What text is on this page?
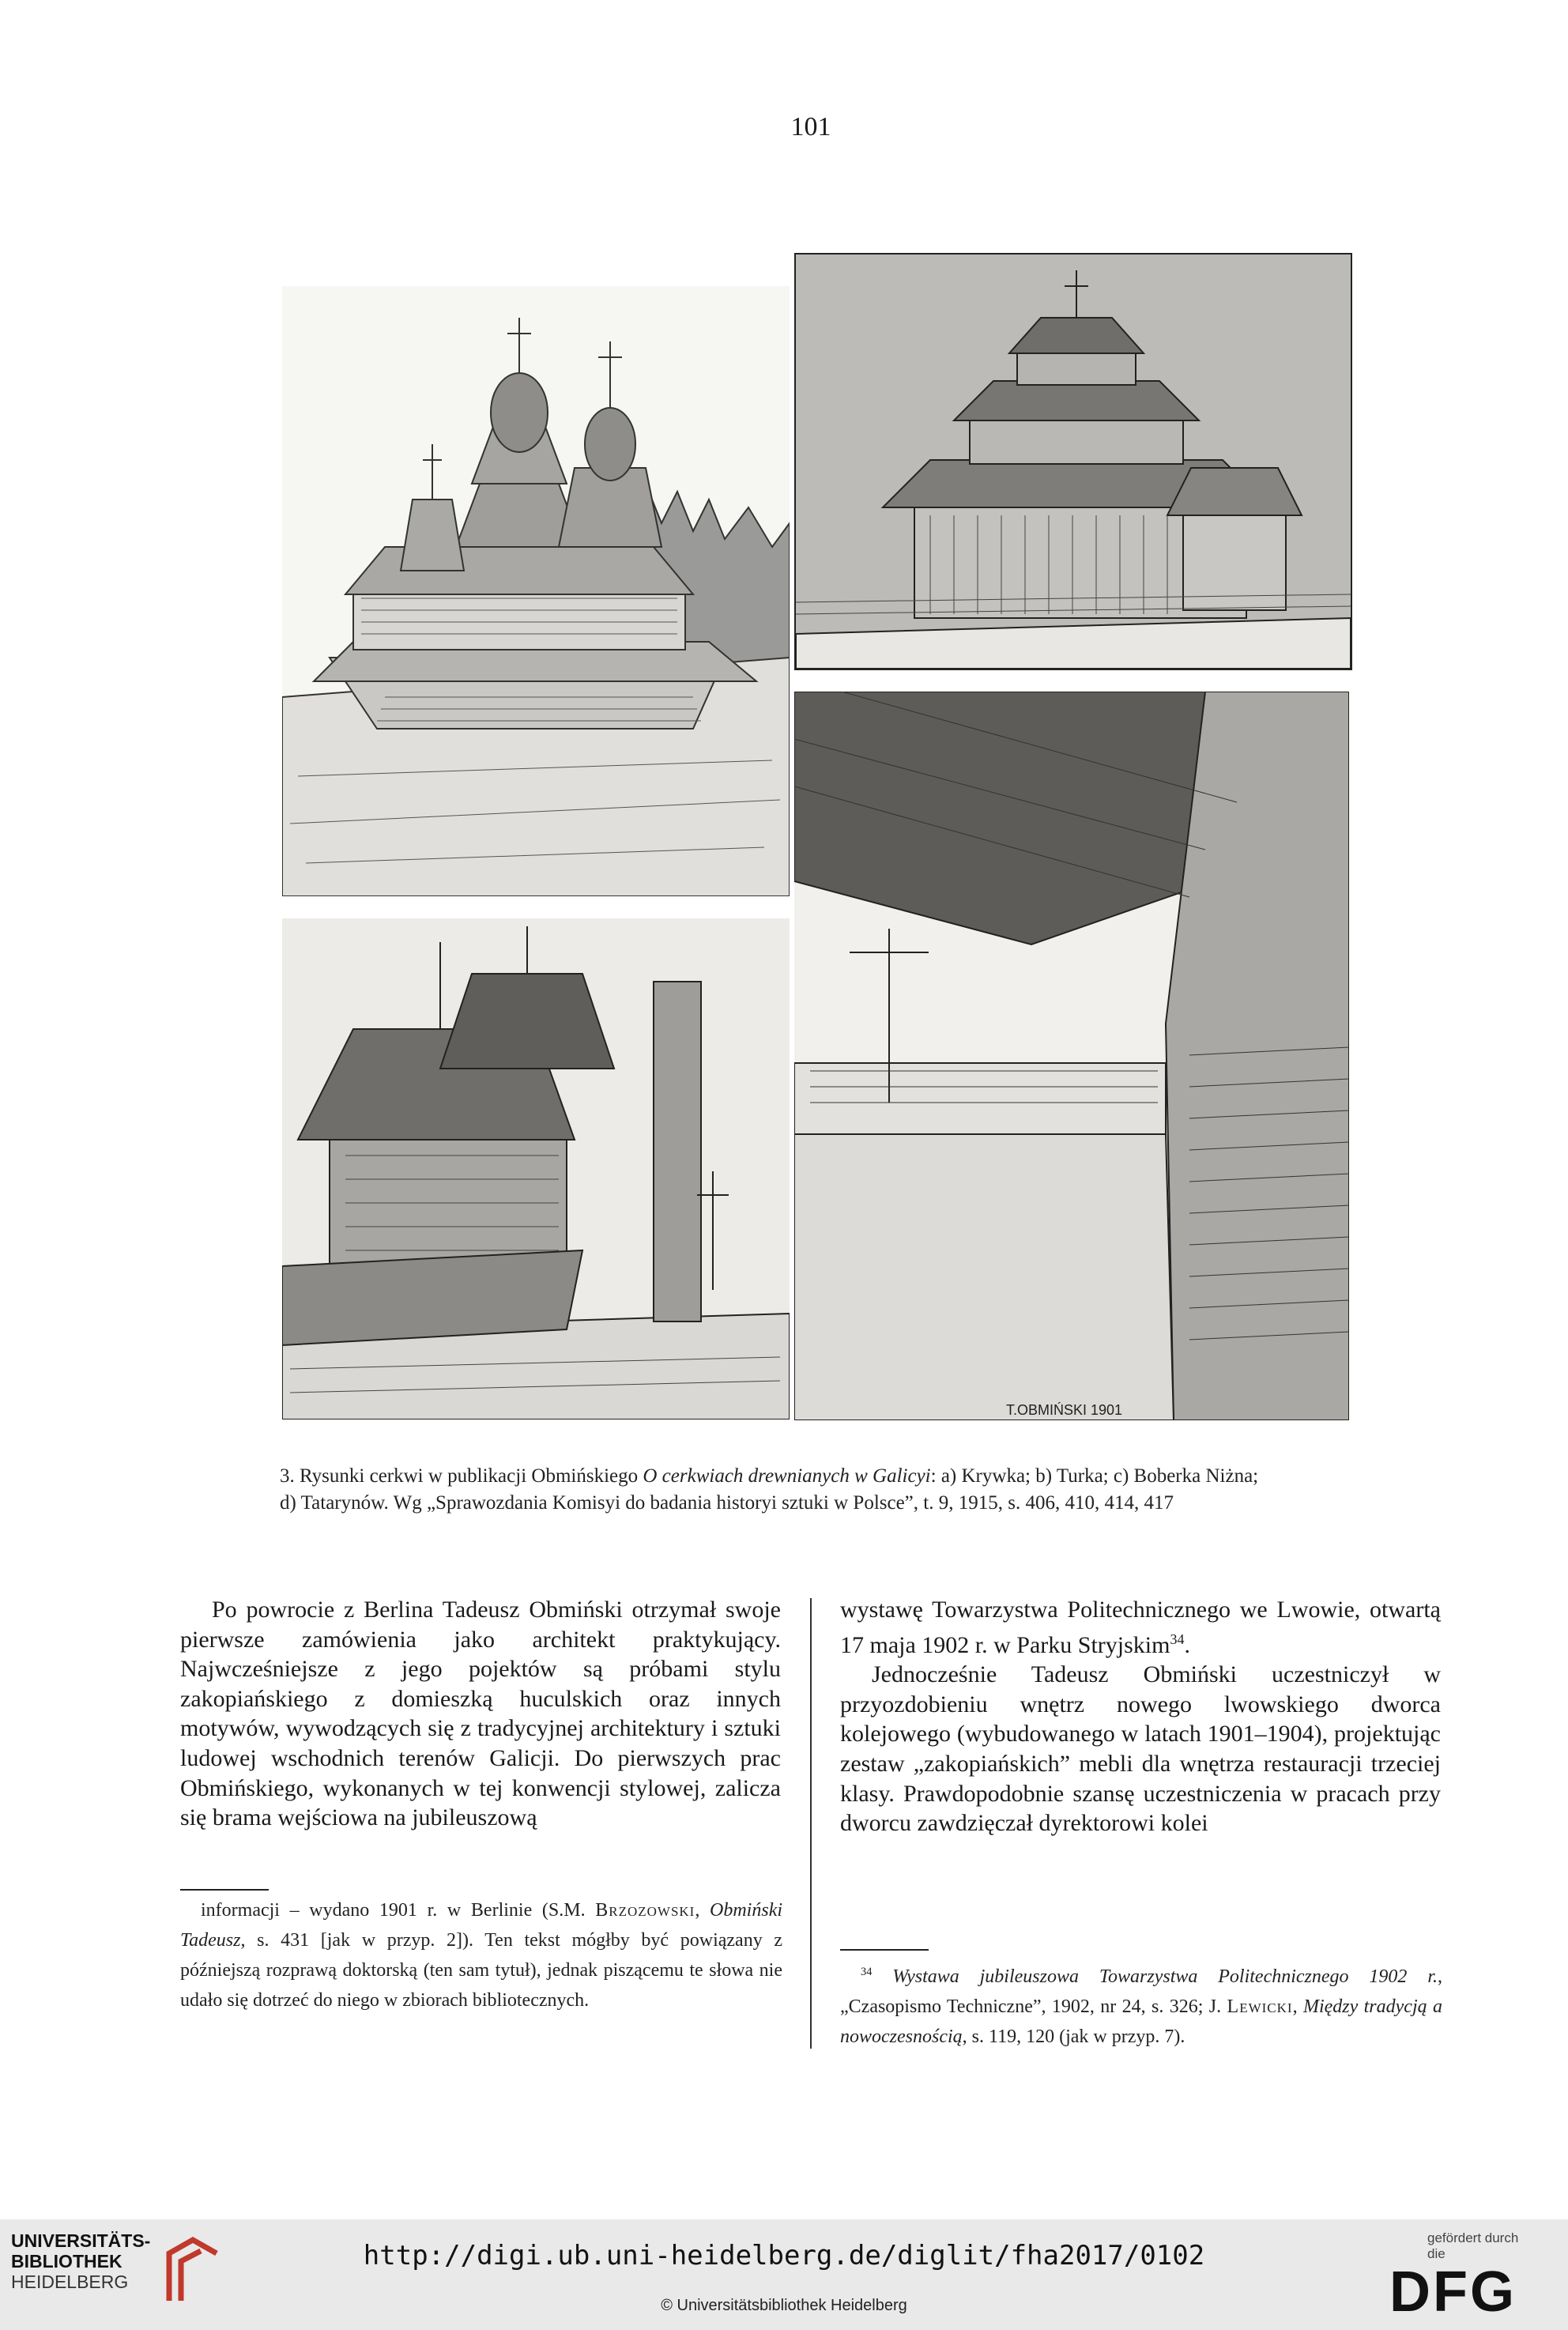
101
T.OBMIŃSKI 1901
3. Rysunki cerkwi w publikacji Obmińskiego O cerkwiach drewnianych w Galicyi: a) Krywka; b) Turka; c) Boberka Niżna;
d) Tatarynów. Wg „Sprawozdania Komisyi do badania historyi sztuki w Polsce”, t. 9, 1915, s. 406, 410, 414, 417

Po powrocie z Berlina Tadeusz Obmiński otrzymał swoje pierwsze zamówienia jako architekt praktykujący. Najwcześniejsze z jego pojektów są próbami stylu zakopiańskiego z domieszką huculskich oraz innych motywów, wywodzących się z tradycyjnej architektury i sztuki ludowej wschodnich terenów Galicji. Do pierwszych prac Obmińskiego, wykonanych w tej konwencji stylowej, zalicza się brama wejściowa na jubileuszową

wystawę Towarzystwa Politechnicznego we Lwowie, otwartą 17 maja 1902 r. w Parku Stryjskim$^{34}$.

Jednocześnie Tadeusz Obmiński uczestniczył w przyozdobieniu wnętrz nowego lwowskiego dworca kolejowego (wybudowanego w latach 1901–1904), projektując zestaw „zakopiańskich” mebli dla wnętrza restauracji trzeciej klasy. Prawdopodobnie szansę uczestniczenia w pracach przy dworcu zawdzięczał dyrektorowi kolei

informacji – wydano 1901 r. w Berlinie (S.M. Brzozowski, Obmiński Tadeusz, s. 431 [jak w przyp. 2]). Ten tekst mógłby być powiązany z późniejszą rozprawą doktorską (ten sam tytuł), jednak piszącemu te słowa nie udało się dotrzeć do niego w zbiorach bibliotecznych.

$^{34}$ Wystawa jubileuszowa Towarzystwa Politechnicznego 1902 r., „Czasopismo Techniczne”, 1902, nr 24, s. 326; J. Lewicki, Między tradycją a nowoczesnością, s. 119, 120 (jak w przyp. 7).

UNIVERSITÄTS-
BIBLIOTHEK
HEIDELBERG
http://digi.ub.uni-heidelberg.de/diglit/fha2017/0102
© Universitätsbibliothek Heidelberg
gefördert durch die
DFG
